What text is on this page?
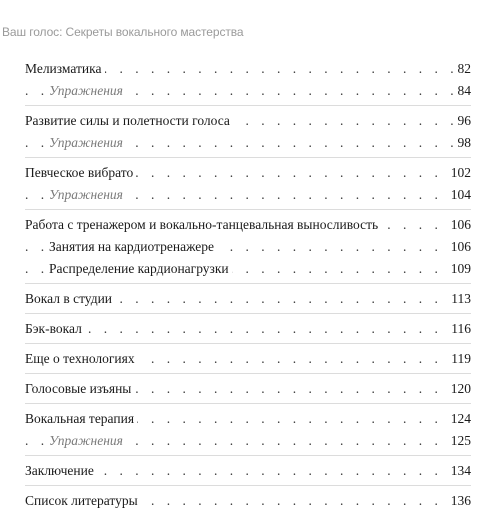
Ваш голос: Секреты вокального мастерства
. . .
Мелизматика	82
. . .
Упражнения	84
. . .
Развитие силы и полетности голоса	96
. . .
Упражнения	98
. . .
Певческое вибрато	102
. . .
Упражнения	104
. . .
Работа с тренажером и вокально-танцевальная выносливость	106
. . .
Занятия на кардиотренажере	106
. . .
Распределение кардионагрузки	109
. . .
Вокал в студии	113
. . .
Бэк-вокал	116
. . .
Еще о технологиях	119
. . .
Голосовые изъяны	120
. . .
Вокальная терапия	124
. . .
Упражнения	125
. . .
Заключение	134
. . .
Список литературы	136
